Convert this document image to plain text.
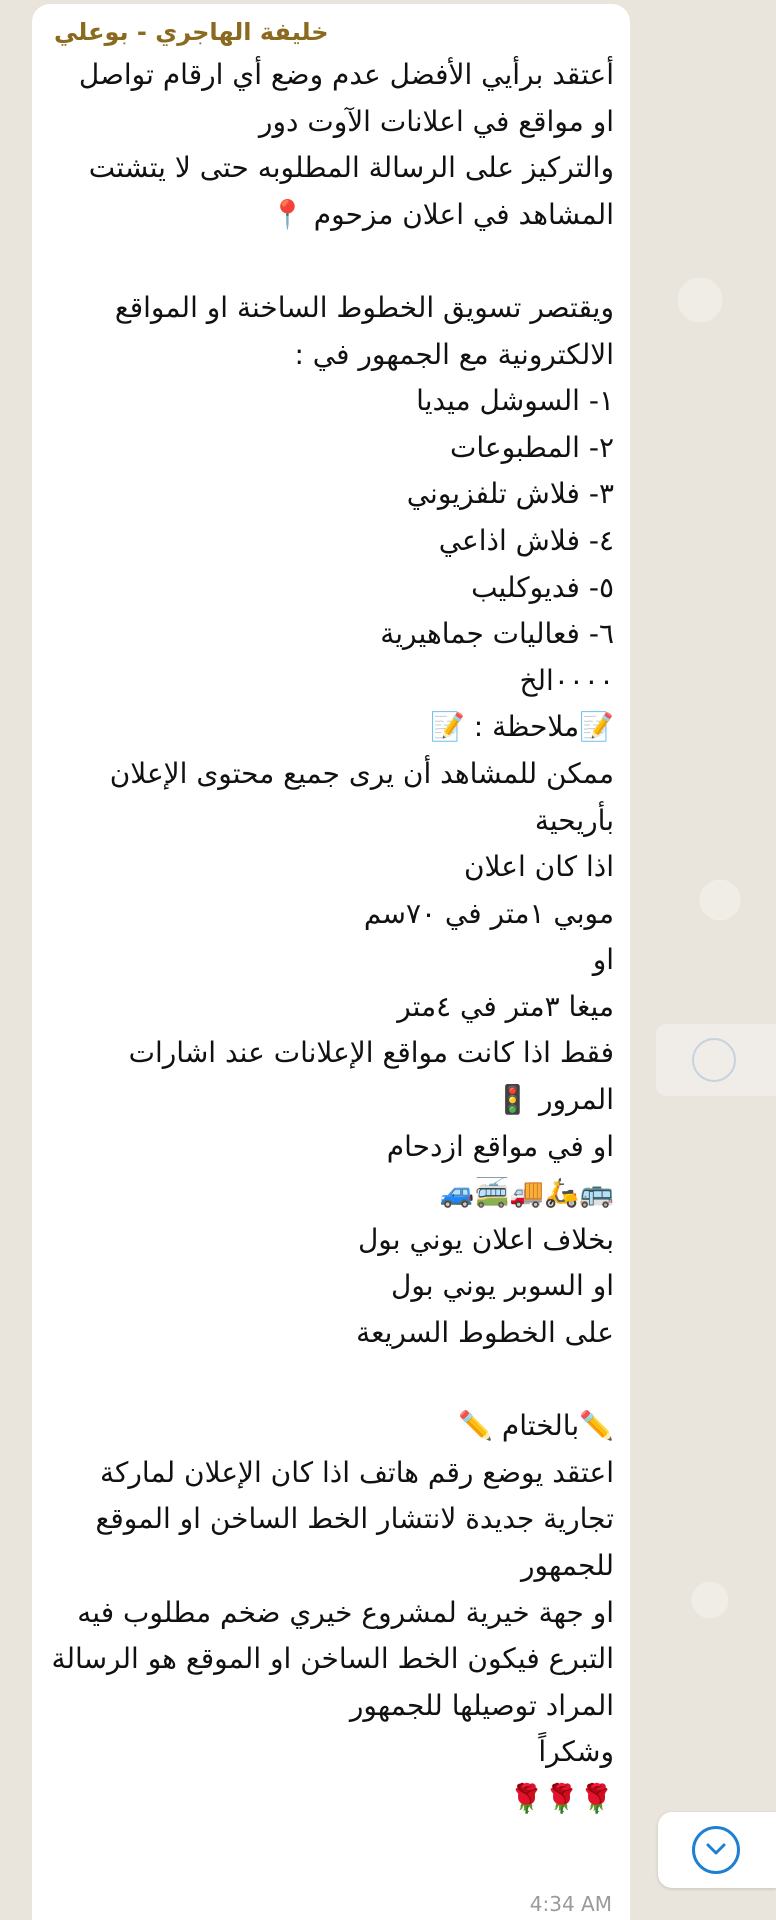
خليفة الهاجري - بوعلي
أعتقد برأيي الأفضل عدم وضع أي ارقام تواصل
او مواقع في اعلانات الآوت دور
والتركيز على الرسالة المطلوبه حتى لا يتشتت
المشاهد في اعلان مزحوم 📍
ويقتصر تسويق الخطوط الساخنة او المواقع
الالكترونية مع الجمهور في :
١- السوشل ميديا
٢- المطبوعات
٣- فلاش تلفزيوني
٤- فلاش اذاعي
٥- فديوكليب
٦- فعاليات جماهيرية
٠٠٠٠الخ
📝ملاحظة : 📝
ممكن للمشاهد أن يرى جميع محتوى الإعلان
بأريحية
اذا كان اعلان
موبي ١متر في ٧٠سم
او
ميغا ٣متر في ٤متر
فقط اذا كانت مواقع الإعلانات عند اشارات
المرور 🚦
او في مواقع ازدحام
🚌🛵🚚🚎🚙
بخلاف اعلان يوني بول
او السوبر يوني بول
على الخطوط السريعة
✏️بالختام ✏️
اعتقد يوضع رقم هاتف اذا كان الإعلان لماركة
تجارية جديدة لانتشار الخط الساخن او الموقع
للجمهور
او جهة خيرية لمشروع خيري ضخم مطلوب فيه
التبرع فيكون الخط الساخن او الموقع هو الرسالة
المراد توصيلها للجمهور
وشكراً
🌹🌹🌹
4:34 AM
